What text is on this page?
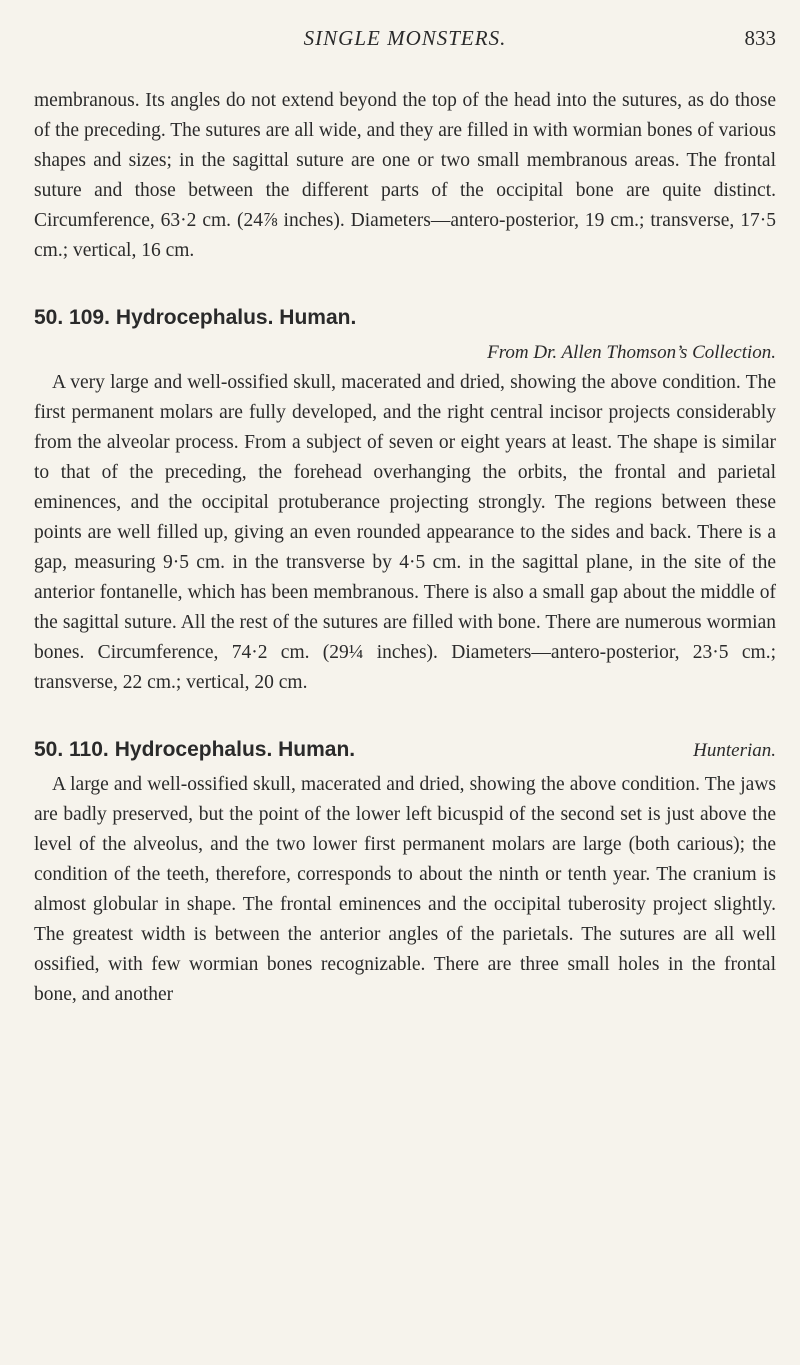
SINGLE MONSTERS.	833

membranous. Its angles do not extend beyond the top of the head into the sutures, as do those of the preceding. The sutures are all wide, and they are filled in with wormian bones of various shapes and sizes; in the sagittal suture are one or two small membranous areas. The frontal suture and those between the different parts of the occipital bone are quite distinct. Circumference, 63·2 cm. (24⅞ inches). Diameters—antero-posterior, 19 cm.; transverse, 17·5 cm.; vertical, 16 cm.

50. 109. Hydrocephalus. Human.
From Dr. Allen Thomson’s Collection.

A very large and well-ossified skull, macerated and dried, showing the above condition. The first permanent molars are fully developed, and the right central incisor projects considerably from the alveolar process. From a subject of seven or eight years at least. The shape is similar to that of the preceding, the forehead overhanging the orbits, the frontal and parietal eminences, and the occipital protuberance projecting strongly. The regions between these points are well filled up, giving an even rounded appearance to the sides and back. There is a gap, measuring 9·5 cm. in the transverse by 4·5 cm. in the sagittal plane, in the site of the anterior fontanelle, which has been membranous. There is also a small gap about the middle of the sagittal suture. All the rest of the sutures are filled with bone. There are numerous wormian bones. Circumference, 74·2 cm. (29¼ inches). Diameters—antero-posterior, 23·5 cm.; transverse, 22 cm.; vertical, 20 cm.

50. 110. Hydrocephalus. Human.	Hunterian.

A large and well-ossified skull, macerated and dried, showing the above condition. The jaws are badly preserved, but the point of the lower left bicuspid of the second set is just above the level of the alveolus, and the two lower first permanent molars are large (both carious); the condition of the teeth, therefore, corresponds to about the ninth or tenth year. The cranium is almost globular in shape. The frontal eminences and the occipital tuberosity project slightly. The greatest width is between the anterior angles of the parietals. The sutures are all well ossified, with few wormian bones recognizable. There are three small holes in the frontal bone, and another
